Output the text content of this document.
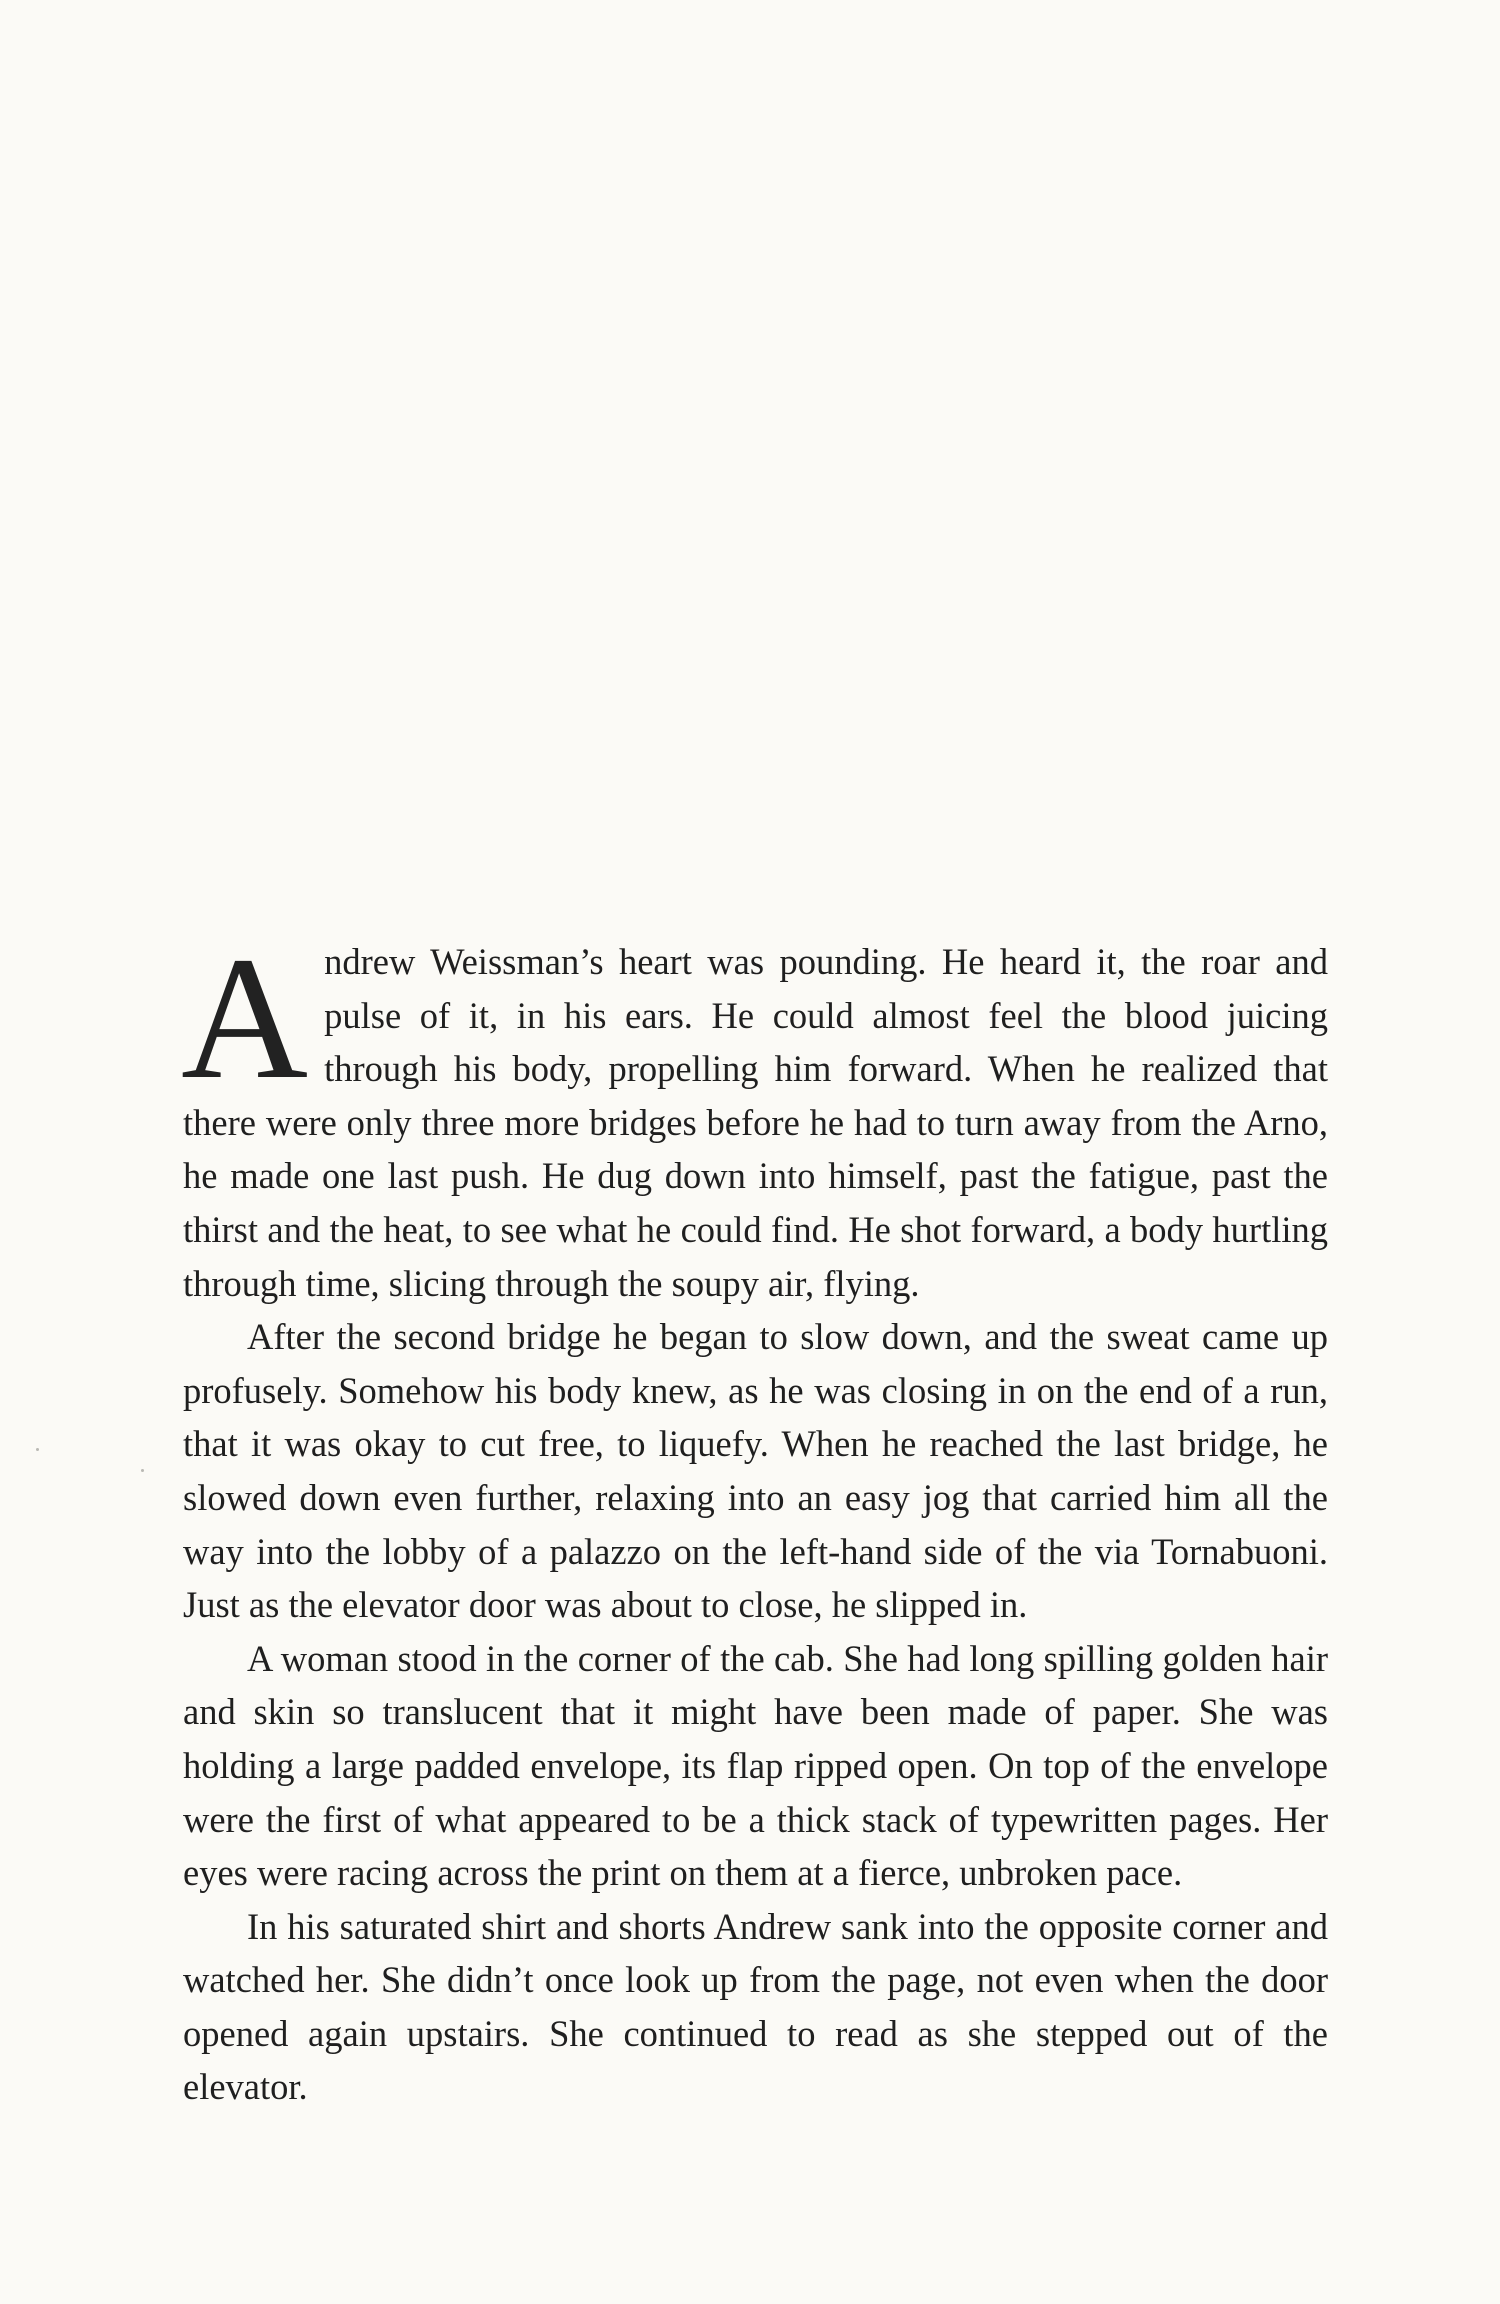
Andrew Weissman’s heart was pounding. He heard it, the roar and pulse of it, in his ears. He could almost feel the blood juicing through his body, propelling him forward. When he realized that there were only three more bridges before he had to turn away from the Arno, he made one last push. He dug down into himself, past the fatigue, past the thirst and the heat, to see what he could find. He shot forward, a body hurtling through time, slicing through the soupy air, flying.

After the second bridge he began to slow down, and the sweat came up profusely. Somehow his body knew, as he was closing in on the end of a run, that it was okay to cut free, to liquefy. When he reached the last bridge, he slowed down even further, relaxing into an easy jog that carried him all the way into the lobby of a palazzo on the left-hand side of the via Tornabuoni. Just as the elevator door was about to close, he slipped in.

A woman stood in the corner of the cab. She had long spilling golden hair and skin so translucent that it might have been made of paper. She was holding a large padded envelope, its flap ripped open. On top of the envelope were the first of what appeared to be a thick stack of typewritten pages. Her eyes were racing across the print on them at a fierce, unbroken pace.

In his saturated shirt and shorts Andrew sank into the opposite corner and watched her. She didn’t once look up from the page, not even when the door opened again upstairs. She continued to read as she stepped out of the elevator.
